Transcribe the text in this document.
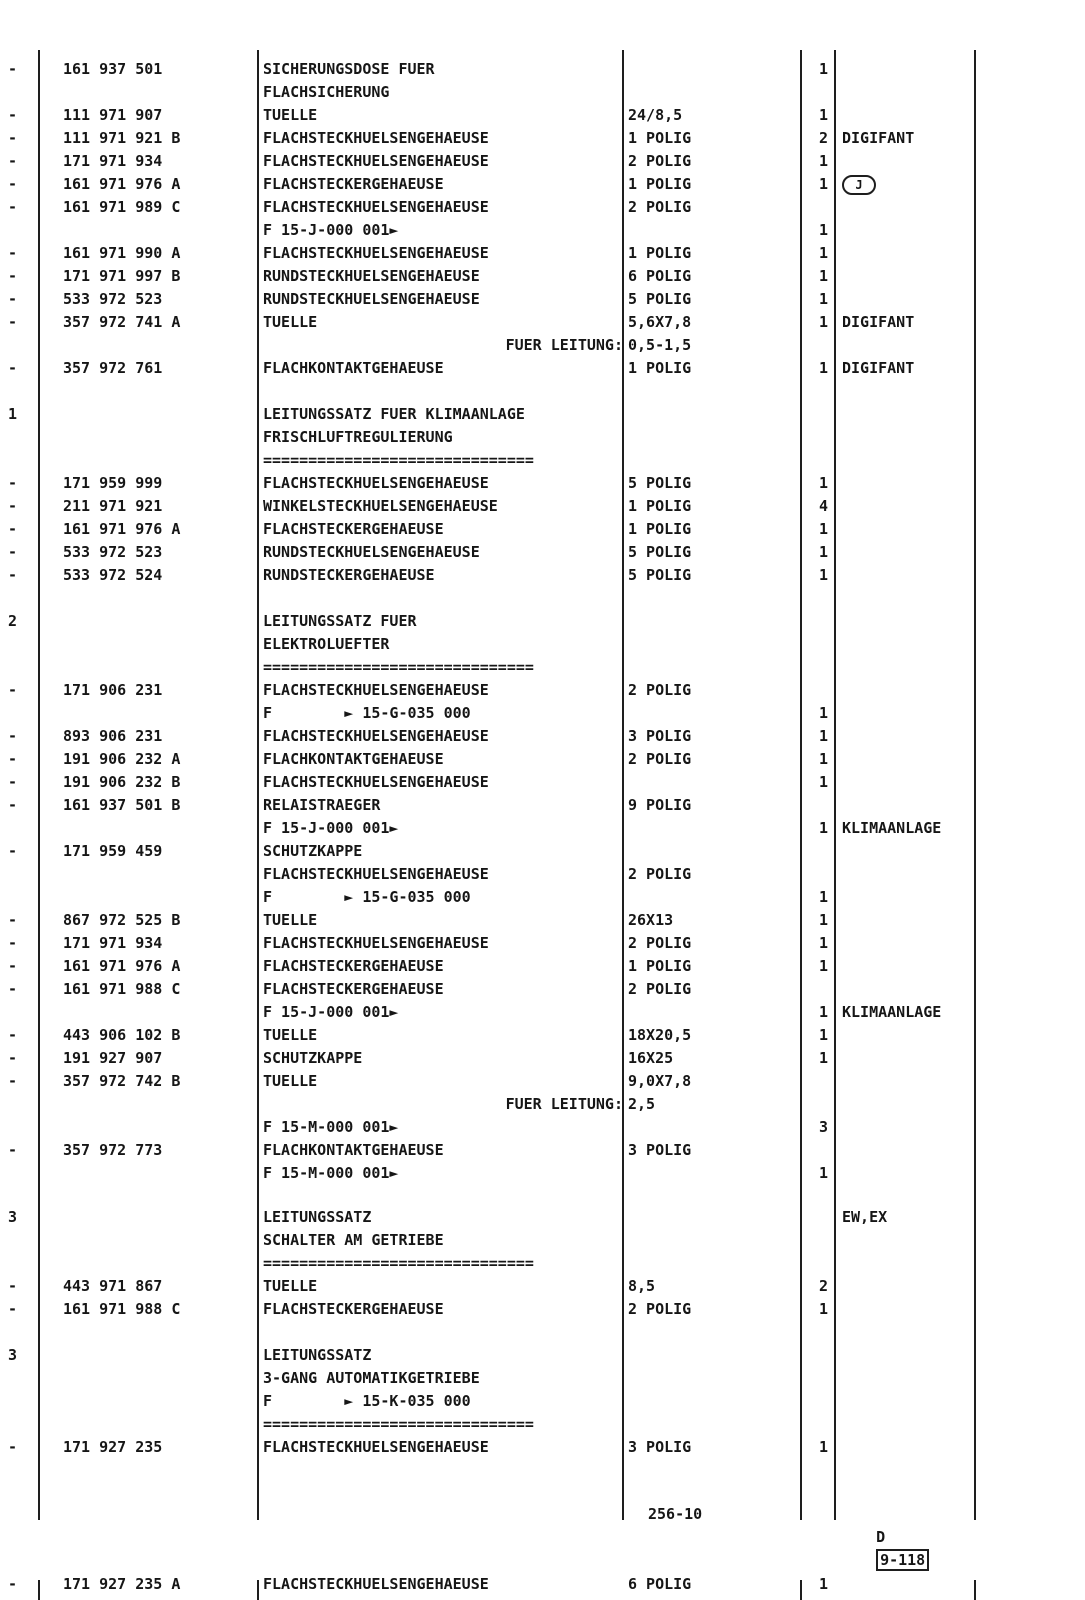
-	161 937 501	SICHERUNGSDOSE FUER	1
FLACHSICHERUNG
-	111 971 907	TUELLE	24/8,5	1
-	111 971 921 B	FLACHSTECKHUELSENGEHAEUSE	1 POLIG	2 DIGIFANT
-	171 971 934	FLACHSTECKHUELSENGEHAEUSE	2 POLIG	1
-	161 971 976 A	FLACHSTECKERGEHAEUSE	1 POLIG	1	J
-	161 971 989 C	FLACHSTECKHUELSENGEHAEUSE	2 POLIG
F 15-J-000 001►	1
-	161 971 990 A	FLACHSTECKHUELSENGEHAEUSE	1 POLIG	1
-	171 971 997 B	RUNDSTECKHUELSENGEHAEUSE	6 POLIG	1
-	533 972 523	RUNDSTECKHUELSENGEHAEUSE	5 POLIG	1
-	357 972 741 A	TUELLE	5,6X7,8	1 DIGIFANT
FUER LEITUNG: 0,5-1,5
-	357 972 761	FLACHKONTAKTGEHAEUSE	1 POLIG	1 DIGIFANT
1	LEITUNGSSATZ FUER KLIMAANLAGE
FRISCHLUFTREGULIERUNG
==============================
-	171 959 999	FLACHSTECKHUELSENGEHAEUSE	5 POLIG	1
-	211 971 921	WINKELSTECKHUELSENGEHAEUSE	1 POLIG	4
-	161 971 976 A	FLACHSTECKERGEHAEUSE	1 POLIG	1
-	533 972 523	RUNDSTECKHUELSENGEHAEUSE	5 POLIG	1
-	533 972 524	RUNDSTECKERGEHAEUSE	5 POLIG	1
2	LEITUNGSSATZ FUER
ELEKTROLUEFTER
==============================
-	171 906 231	FLACHSTECKHUELSENGEHAEUSE	2 POLIG
F        ► 15-G-035 000	1
-	893 906 231	FLACHSTECKHUELSENGEHAEUSE	3 POLIG	1
-	191 906 232 A	FLACHKONTAKTGEHAEUSE	2 POLIG	1
-	191 906 232 B	FLACHSTECKHUELSENGEHAEUSE	1
-	161 937 501 B	RELAISTRAEGER	9 POLIG
F 15-J-000 001►	1 KLIMAANLAGE
-	171 959 459	SCHUTZKAPPE
FLACHSTECKHUELSENGEHAEUSE	2 POLIG
F        ► 15-G-035 000	1
-	867 972 525 B	TUELLE	26X13	1
-	171 971 934	FLACHSTECKHUELSENGEHAEUSE	2 POLIG	1
-	161 971 976 A	FLACHSTECKERGEHAEUSE	1 POLIG	1
-	161 971 988 C	FLACHSTECKERGEHAEUSE	2 POLIG
F 15-J-000 001►	1 KLIMAANLAGE
-	443 906 102 B	TUELLE	18X20,5	1
-	191 927 907	SCHUTZKAPPE	16X25	1
-	357 972 742 B	TUELLE	9,0X7,8
FUER LEITUNG: 2,5
F 15-M-000 001►	3
-	357 972 773	FLACHKONTAKTGEHAEUSE	3 POLIG
F 15-M-000 001►	1
3	LEITUNGSSATZ	EW,EX
SCHALTER AM GETRIEBE
==============================
-	443 971 867	TUELLE	8,5	2
-	161 971 988 C	FLACHSTECKERGEHAEUSE	2 POLIG	1
3	LEITUNGSSATZ
3-GANG AUTOMATIKGETRIEBE
F        ► 15-K-035 000
==============================
-	171 927 235	FLACHSTECKHUELSENGEHAEUSE	3 POLIG	1
-	171 927 235 A	FLACHSTECKHUELSENGEHAEUSE	6 POLIG	1
256-10

D
9-118
